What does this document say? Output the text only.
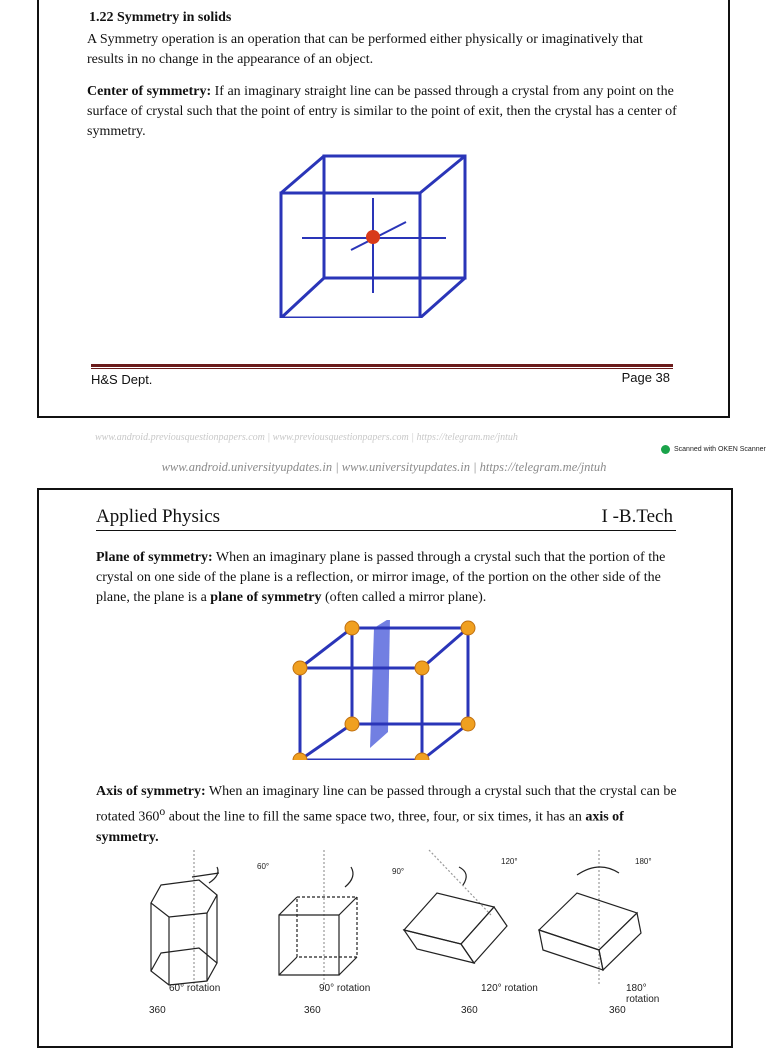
1.22 Symmetry in solids
A Symmetry operation is an operation that can be performed either physically or imaginatively that results in no change in the appearance of an object.
Center of symmetry: If an imaginary straight line can be passed through a crystal from any point on the surface of crystal such that the point of entry is similar to the point of exit, then the crystal has a center of symmetry.
H&S Dept.	Page 38
www.android.previousquestionpapers.com | www.previousquestionpapers.com | https://telegram.me/jntuh
Scanned with OKEN Scanner
www.android.universityupdates.in | www.universityupdates.in | https://telegram.me/jntuh
Applied Physics	I -B.Tech
Plane of symmetry: When an imaginary plane is passed through a crystal such that the portion of the crystal on one side of the plane is a reflection, or mirror image, of the portion on the other side of the plane, the plane is a plane of symmetry (often called a mirror plane).
Axis of symmetry: When an imaginary line can be passed through a crystal such that the crystal can be rotated 360$^o$ about the line to fill the same space two, three, four, or six times, it has an axis of symmetry.
60°
90°
120°	180°
60° rotation	90° rotation	120° rotation	180° rotation
360	360	360	360
